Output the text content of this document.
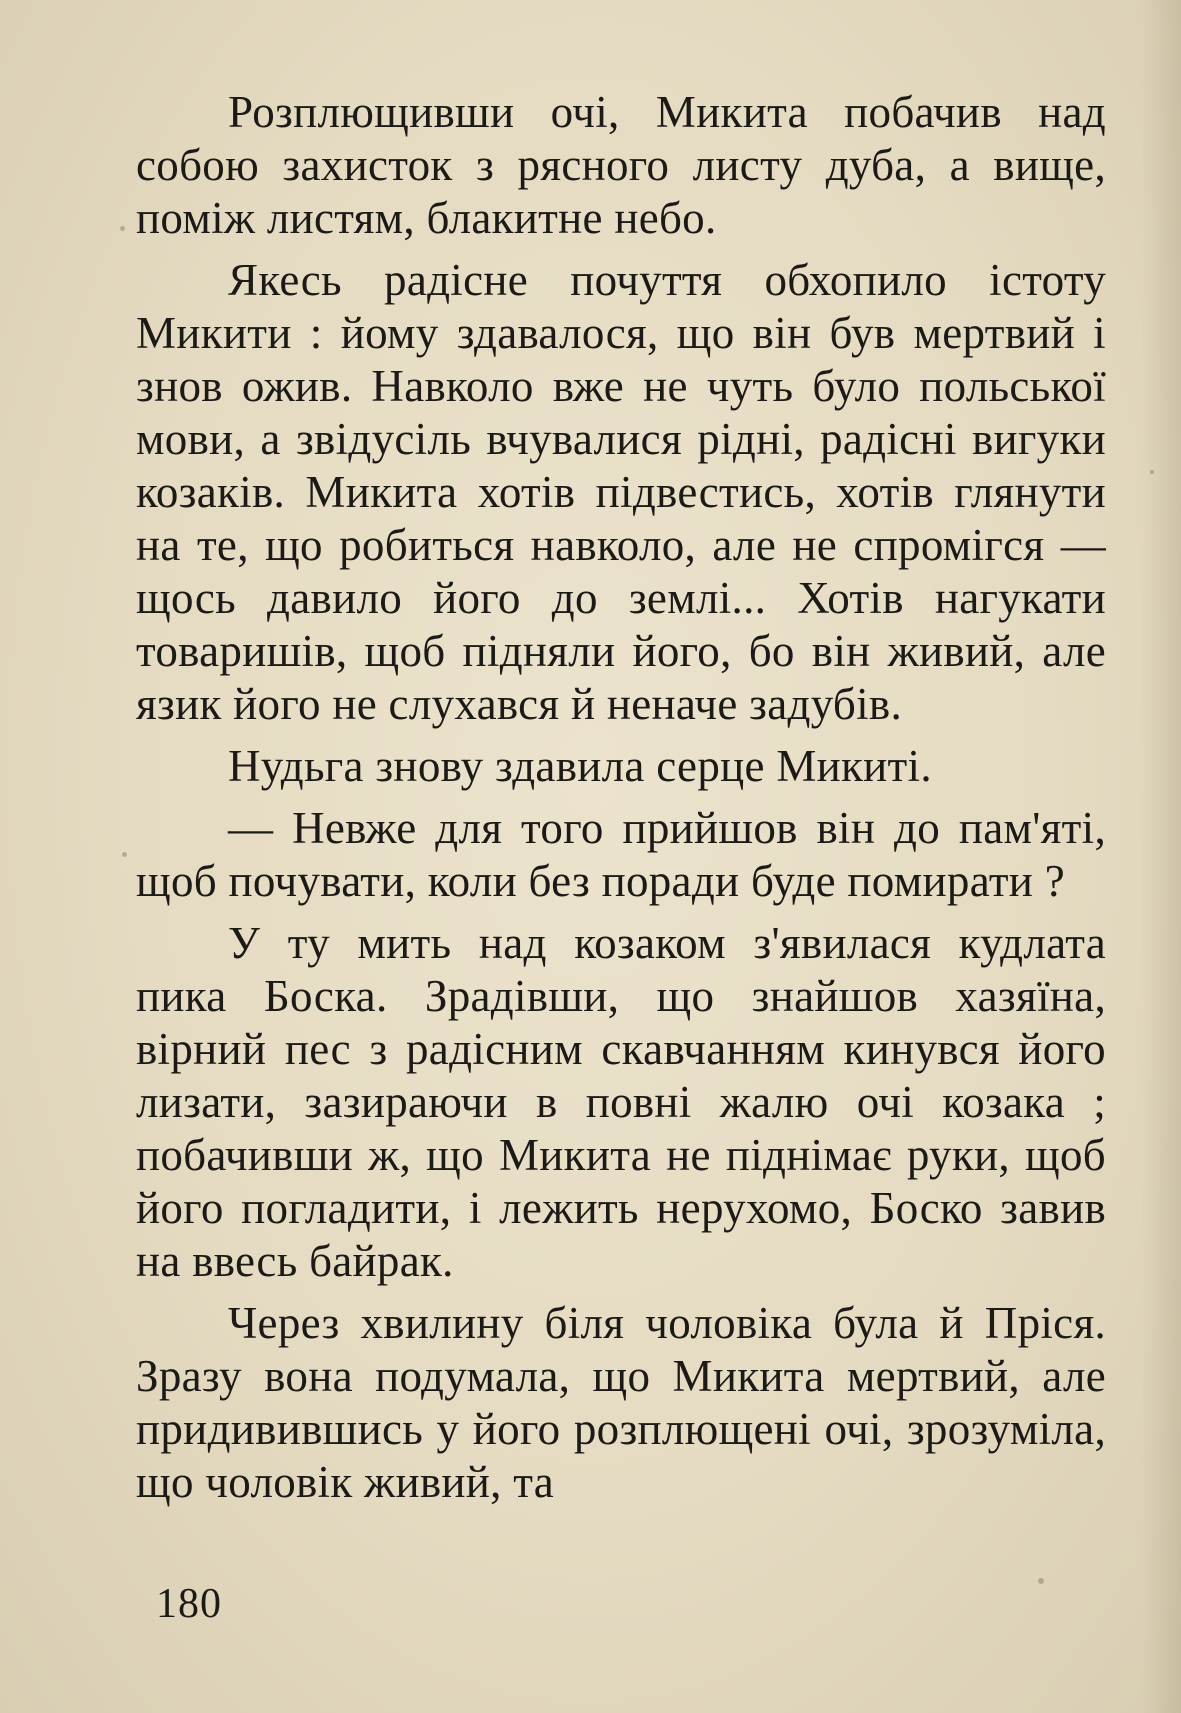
Розплющивши очі, Микита побачив над собою захисток з рясного листу дуба, а вище, поміж листям, блакитне небо.

Якесь радісне почуття обхопило істоту Микити : йому здавалося, що він був мертвий і знов ожив. Навколо вже не чуть було польської мови, а звідусіль вчувалися рідні, радісні вигуки козаків. Микита хотів підвестись, хотів глянути на те, що робиться навколо, але не спромігся — щось давило його до землі... Хотів нагукати товаришів, щоб підняли його, бо він живий, але язик його не слухався й неначе задубів.

Нудьга знову здавила серце Микиті.

— Невже для того прийшов він до пам'яті, щоб почувати, коли без поради буде помирати ?

У ту мить над козаком з'явилася кудлата пика Боска. Зрадівши, що знайшов хазяїна, вірний пес з радісним скавчанням кинувся його лизати, зазираючи в повні жалю очі козака ; побачивши ж, що Микита не піднімає руки, щоб його погладити, і лежить нерухомо, Боско завив на ввесь байрак.

Через хвилину біля чоловіка була й Пріся. Зразу вона подумала, що Микита мертвий, але придивившись у його розплющені очі, зрозуміла, що чоловік живий, та

180
